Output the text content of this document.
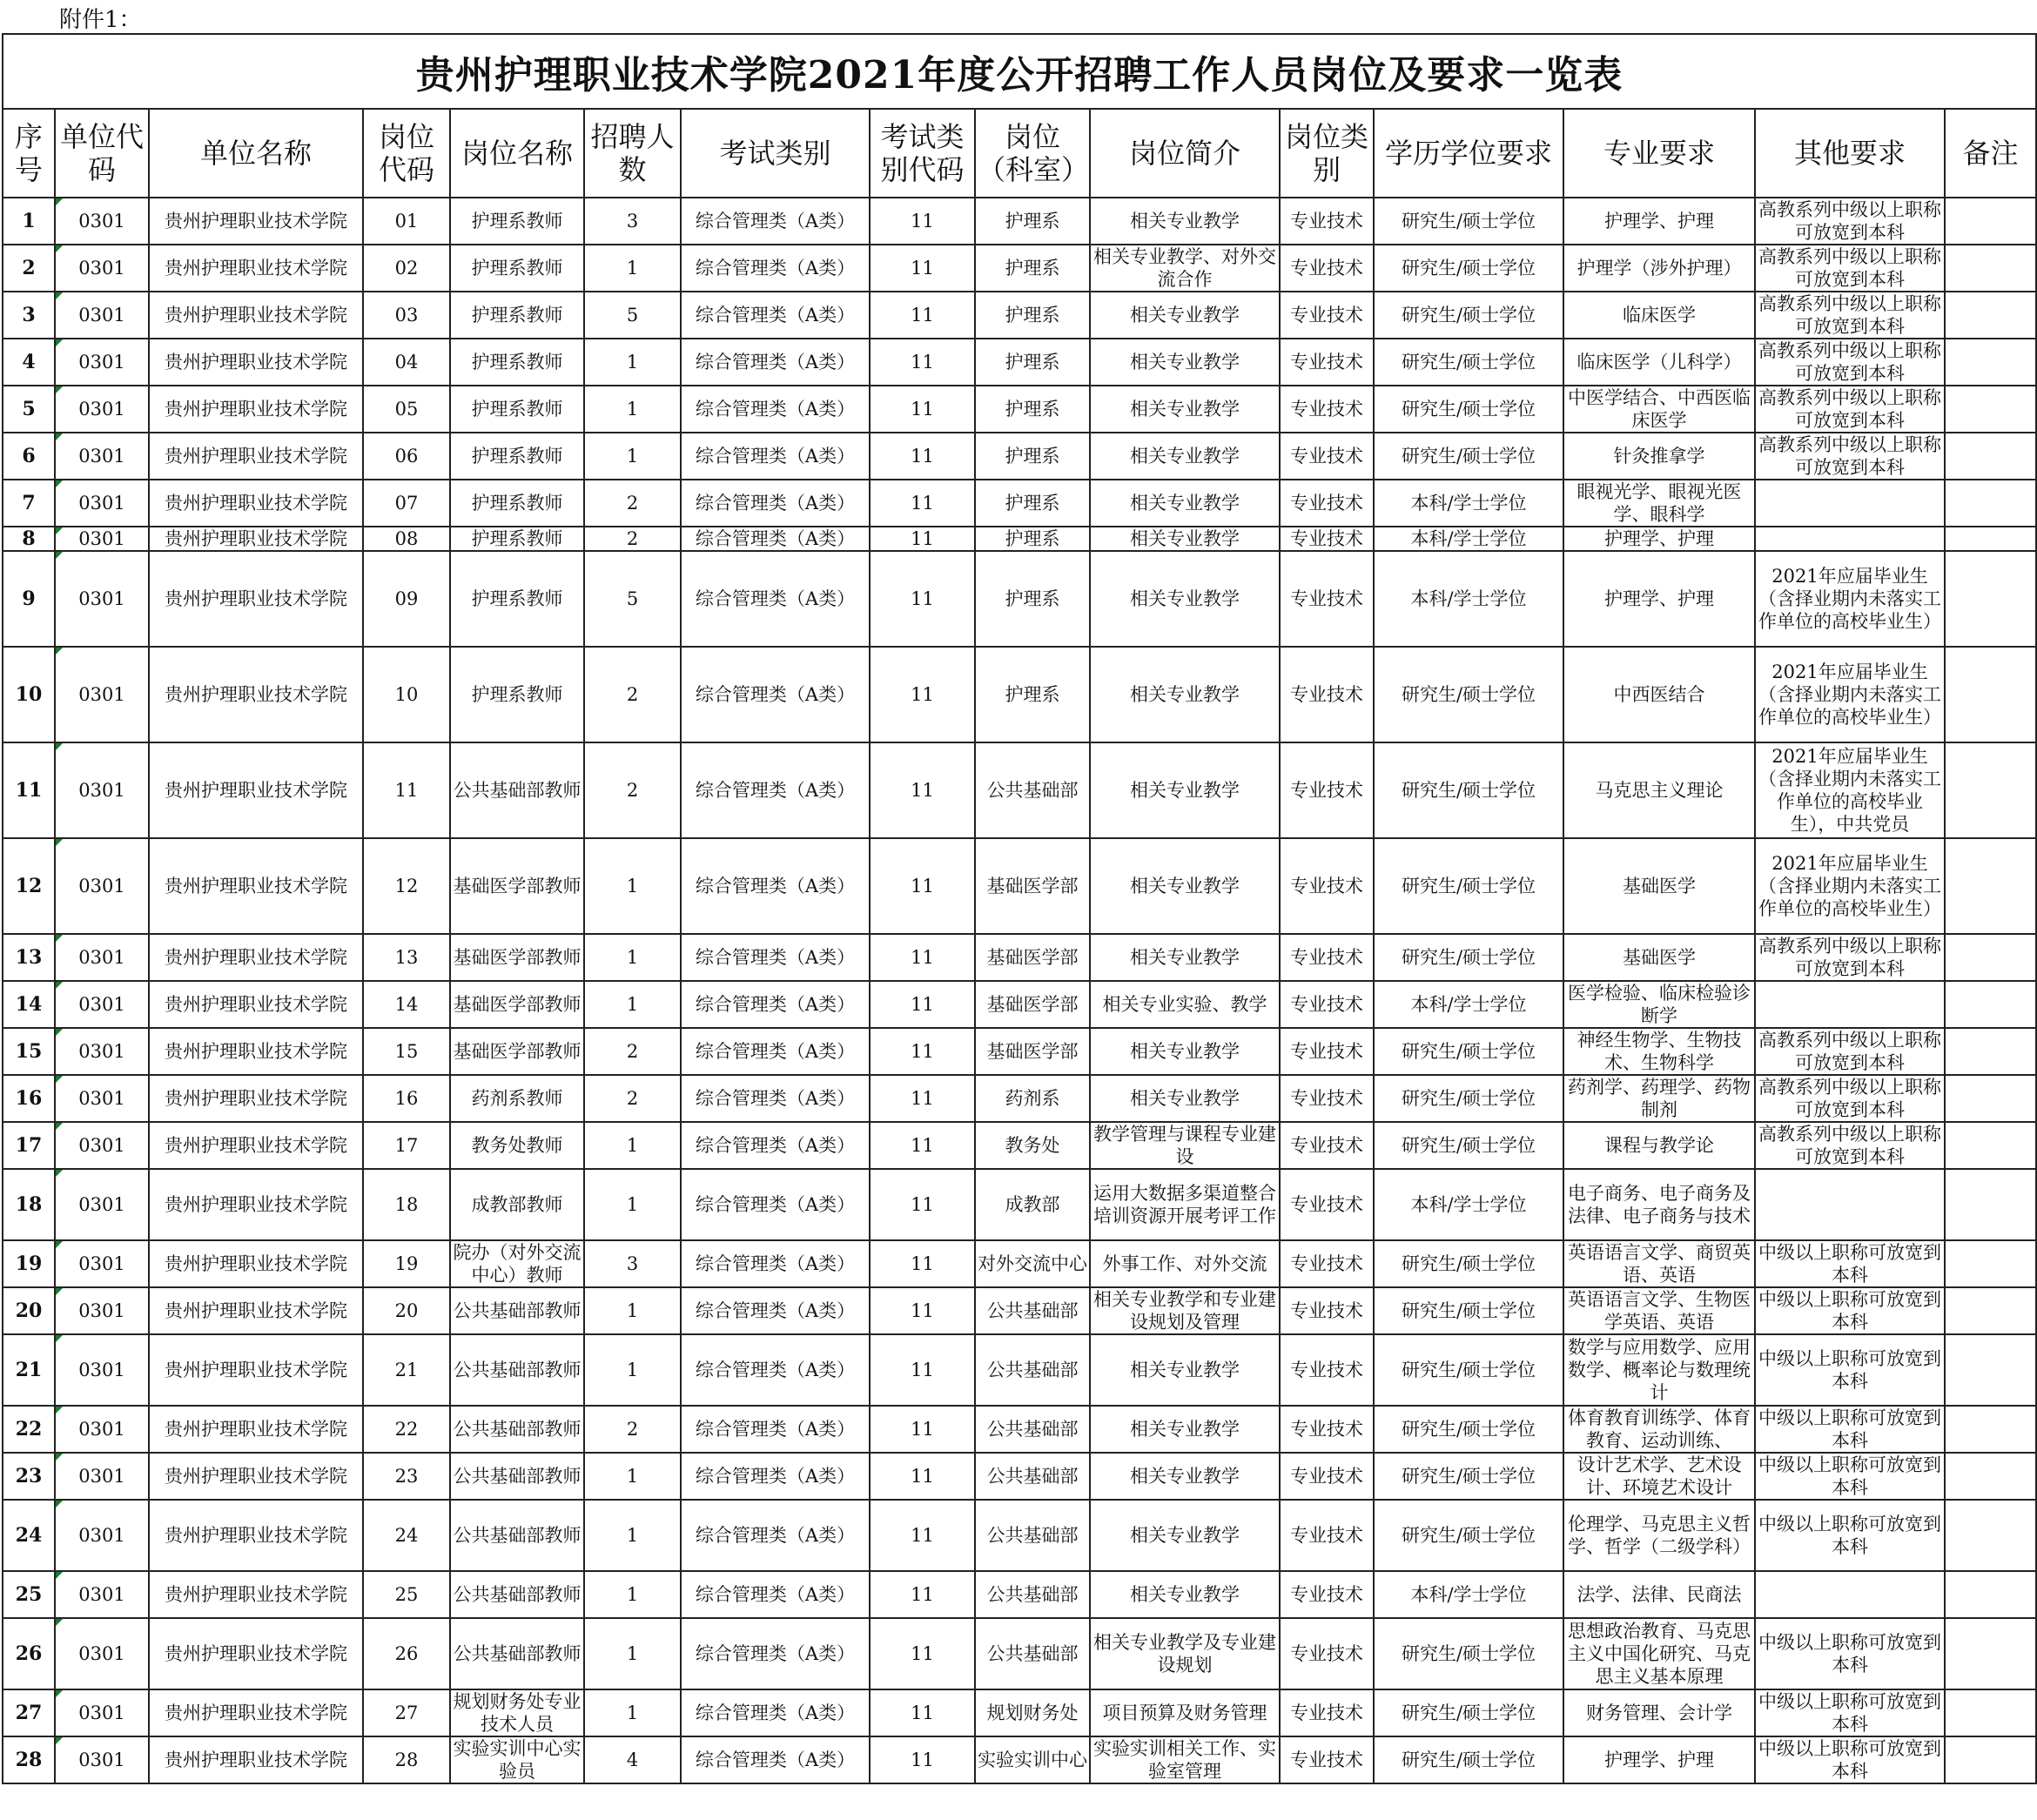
附件1：
贵州护理职业技术学院2021年度公开招聘工作人员岗位及要求一览表														
序号	单位代码	单位名称	岗位代码	岗位名称	招聘人数	考试类别	考试类别代码	岗位（科室）	岗位简介	岗位类别	学历学位要求	专业要求	其他要求	备注
1	0301	贵州护理职业技术学院	01	护理系教师	3	综合管理类（A类）	11	护理系	相关专业教学	专业技术	研究生/硕士学位	护理学、护理	高教系列中级以上职称可放宽到本科	
2	0301	贵州护理职业技术学院	02	护理系教师	1	综合管理类（A类）	11	护理系	相关专业教学、对外交流合作	专业技术	研究生/硕士学位	护理学（涉外护理）	高教系列中级以上职称可放宽到本科	
3	0301	贵州护理职业技术学院	03	护理系教师	5	综合管理类（A类）	11	护理系	相关专业教学	专业技术	研究生/硕士学位	临床医学	高教系列中级以上职称可放宽到本科	
4	0301	贵州护理职业技术学院	04	护理系教师	1	综合管理类（A类）	11	护理系	相关专业教学	专业技术	研究生/硕士学位	临床医学（儿科学）	高教系列中级以上职称可放宽到本科	
5	0301	贵州护理职业技术学院	05	护理系教师	1	综合管理类（A类）	11	护理系	相关专业教学	专业技术	研究生/硕士学位	中医学结合、中西医临床医学	高教系列中级以上职称可放宽到本科	
6	0301	贵州护理职业技术学院	06	护理系教师	1	综合管理类（A类）	11	护理系	相关专业教学	专业技术	研究生/硕士学位	针灸推拿学	高教系列中级以上职称可放宽到本科	
7	0301	贵州护理职业技术学院	07	护理系教师	2	综合管理类（A类）	11	护理系	相关专业教学	专业技术	本科/学士学位	眼视光学、眼视光医学、眼科学		
8	0301	贵州护理职业技术学院	08	护理系教师	2	综合管理类（A类）	11	护理系	相关专业教学	专业技术	本科/学士学位	护理学、护理		
9	0301	贵州护理职业技术学院	09	护理系教师	5	综合管理类（A类）	11	护理系	相关专业教学	专业技术	本科/学士学位	护理学、护理	2021年应届毕业生（含择业期内未落实工作单位的高校毕业生）	
10	0301	贵州护理职业技术学院	10	护理系教师	2	综合管理类（A类）	11	护理系	相关专业教学	专业技术	研究生/硕士学位	中西医结合	2021年应届毕业生（含择业期内未落实工作单位的高校毕业生）	
11	0301	贵州护理职业技术学院	11	公共基础部教师	2	综合管理类（A类）	11	公共基础部	相关专业教学	专业技术	研究生/硕士学位	马克思主义理论	2021年应届毕业生（含择业期内未落实工作单位的高校毕业生），中共党员	
12	0301	贵州护理职业技术学院	12	基础医学部教师	1	综合管理类（A类）	11	基础医学部	相关专业教学	专业技术	研究生/硕士学位	基础医学	2021年应届毕业生（含择业期内未落实工作单位的高校毕业生）	
13	0301	贵州护理职业技术学院	13	基础医学部教师	1	综合管理类（A类）	11	基础医学部	相关专业教学	专业技术	研究生/硕士学位	基础医学	高教系列中级以上职称可放宽到本科	
14	0301	贵州护理职业技术学院	14	基础医学部教师	1	综合管理类（A类）	11	基础医学部	相关专业实验、教学	专业技术	本科/学士学位	医学检验、临床检验诊断学		
15	0301	贵州护理职业技术学院	15	基础医学部教师	2	综合管理类（A类）	11	基础医学部	相关专业教学	专业技术	研究生/硕士学位	神经生物学、生物技术、生物科学	高教系列中级以上职称可放宽到本科	
16	0301	贵州护理职业技术学院	16	药剂系教师	2	综合管理类（A类）	11	药剂系	相关专业教学	专业技术	研究生/硕士学位	药剂学、药理学、药物制剂	高教系列中级以上职称可放宽到本科	
17	0301	贵州护理职业技术学院	17	教务处教师	1	综合管理类（A类）	11	教务处	教学管理与课程专业建设	专业技术	研究生/硕士学位	课程与教学论	高教系列中级以上职称可放宽到本科	
18	0301	贵州护理职业技术学院	18	成教部教师	1	综合管理类（A类）	11	成教部	运用大数据多渠道整合培训资源开展考评工作	专业技术	本科/学士学位	电子商务、电子商务及法律、电子商务与技术		
19	0301	贵州护理职业技术学院	19	院办（对外交流中心）教师	3	综合管理类（A类）	11	对外交流中心	外事工作、对外交流	专业技术	研究生/硕士学位	英语语言文学、商贸英语、英语	中级以上职称可放宽到本科	
20	0301	贵州护理职业技术学院	20	公共基础部教师	1	综合管理类（A类）	11	公共基础部	相关专业教学和专业建设规划及管理	专业技术	研究生/硕士学位	英语语言文学、生物医学英语、英语	中级以上职称可放宽到本科	
21	0301	贵州护理职业技术学院	21	公共基础部教师	1	综合管理类（A类）	11	公共基础部	相关专业教学	专业技术	研究生/硕士学位	数学与应用数学、应用数学、概率论与数理统计	中级以上职称可放宽到本科	
22	0301	贵州护理职业技术学院	22	公共基础部教师	2	综合管理类（A类）	11	公共基础部	相关专业教学	专业技术	研究生/硕士学位	体育教育训练学、体育教育、运动训练、	中级以上职称可放宽到本科	
23	0301	贵州护理职业技术学院	23	公共基础部教师	1	综合管理类（A类）	11	公共基础部	相关专业教学	专业技术	研究生/硕士学位	设计艺术学、艺术设计、环境艺术设计	中级以上职称可放宽到本科	
24	0301	贵州护理职业技术学院	24	公共基础部教师	1	综合管理类（A类）	11	公共基础部	相关专业教学	专业技术	研究生/硕士学位	伦理学、马克思主义哲学、哲学（二级学科）	中级以上职称可放宽到本科	
25	0301	贵州护理职业技术学院	25	公共基础部教师	1	综合管理类（A类）	11	公共基础部	相关专业教学	专业技术	本科/学士学位	法学、法律、民商法		
26	0301	贵州护理职业技术学院	26	公共基础部教师	1	综合管理类（A类）	11	公共基础部	相关专业教学及专业建设规划	专业技术	研究生/硕士学位	思想政治教育、马克思主义中国化研究、马克思主义基本原理	中级以上职称可放宽到本科	
27	0301	贵州护理职业技术学院	27	规划财务处专业技术人员	1	综合管理类（A类）	11	规划财务处	项目预算及财务管理	专业技术	研究生/硕士学位	财务管理、会计学	中级以上职称可放宽到本科	
28	0301	贵州护理职业技术学院	28	实验实训中心实验员	4	综合管理类（A类）	11	实验实训中心	实验实训相关工作、实验室管理	专业技术	研究生/硕士学位	护理学、护理	中级以上职称可放宽到本科	
